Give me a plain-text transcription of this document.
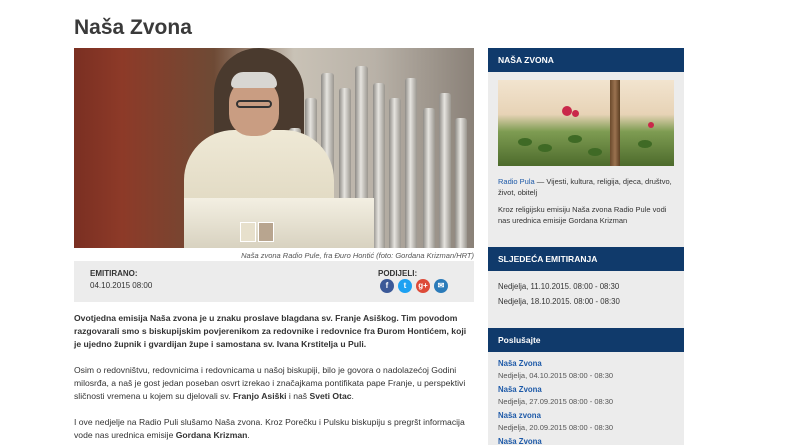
Naša Zvona
Naša zvona Radio Pule, fra Đuro Hontić (foto: Gordana Krizman/HRT)
EMITIRANO:
04.10.2015 08:00
PODIJELI:
f	t	g+	✉

Ovotjedna emisija Naša zvona je u znaku proslave blagdana sv. Franje Asiškog. Tim povodom razgovarali smo s biskupijskim povjerenikom za redovnike i redovnice fra Đurom Hontićem, koji je ujedno župnik i gvardijan župe i samostana sv. Ivana Krstitelja u Puli.

Osim o redovništvu, redovnicima i redovnicama u našoj biskupiji, bilo je govora o nadolazećoj Godini milosrđa, a naš je gost jedan poseban osvrt izrekao i značajkama pontifikata pape Franje, u perspektivi sličnosti vremena u kojem su djelovali sv. Franjo Asiški i naš Sveti Otac.

I ove nedjelje na Radio Puli slušamo Naša zvona. Kroz Porečku i Pulsku biskupiju s pregršt informacija vode nas urednica emisije Gordana Krizman.

NAŠA ZVONA
Radio Pula — Vijesti, kultura, religija, djeca, društvo, život, obitelj
Kroz religijsku emisiju Naša zvona Radio Pule vodi nas urednica emisije Gordana Krizman
SLJEDEĆA EMITIRANJA
Nedjelja, 11.10.2015. 08:00 - 08:30
Nedjelja, 18.10.2015. 08:00 - 08:30
Poslušajte
Naša Zvona
Nedjelja, 04.10.2015 08:00 - 08:30
Naša Zvona
Nedjelja, 27.09.2015 08:00 - 08:30
Naša zvona
Nedjelja, 20.09.2015 08:00 - 08:30
Naša Zvona
